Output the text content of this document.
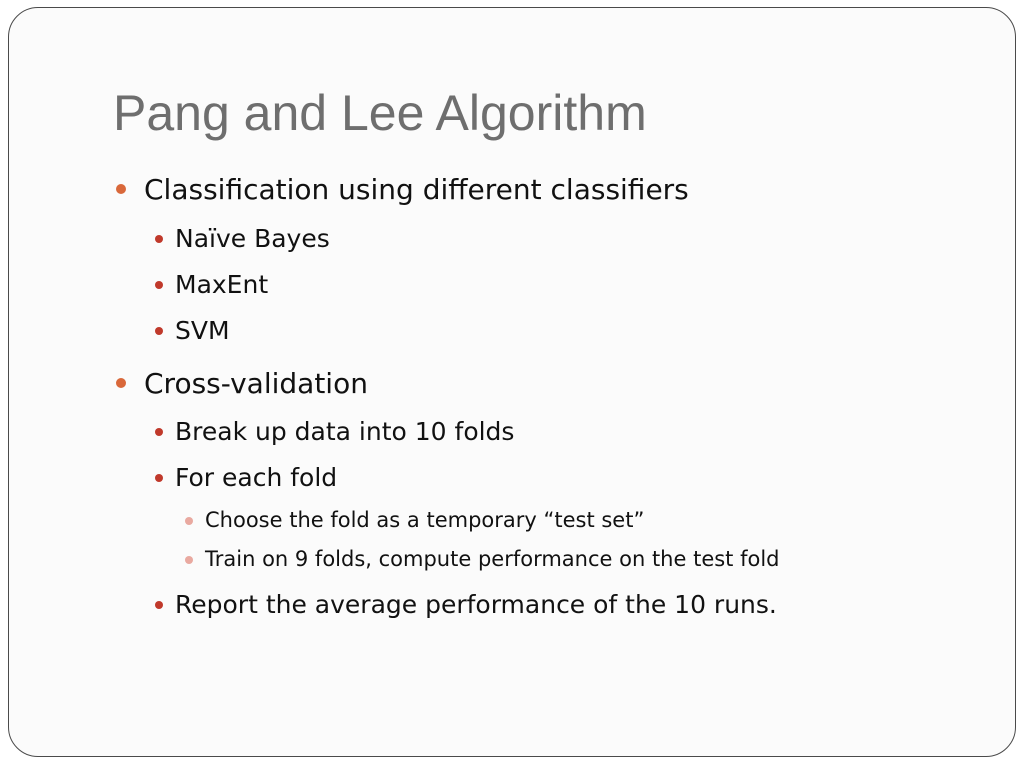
Pang and Lee Algorithm
Classification using different classifiers
Naïve Bayes
MaxEnt
SVM
Cross-validation
Break up data into 10 folds
For each fold
Choose the fold as a temporary “test set”
Train on 9 folds, compute performance on the test fold
Report the average performance of the 10 runs.
